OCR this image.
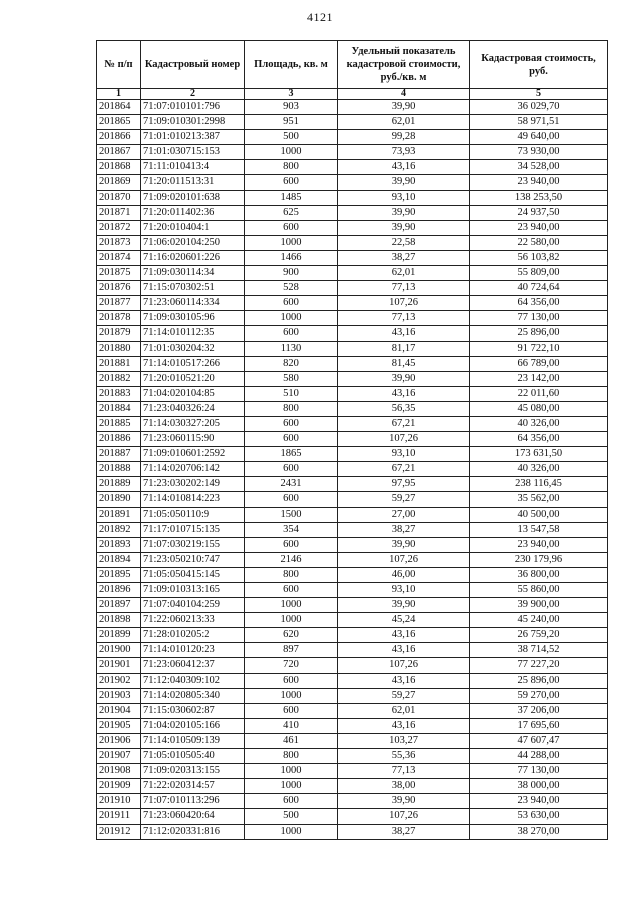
4121
№ п/п	Кадастровый номер	Площадь, кв. м	Удельный показатель кадастровой стоимости, руб./кв. м	Кадастровая стоимость, руб.
1	2	3	4	5
201864	71:07:010101:796	903	39,90	36 029,70
201865	71:09:010301:2998	951	62,01	58 971,51
201866	71:01:010213:387	500	99,28	49 640,00
201867	71:01:030715:153	1000	73,93	73 930,00
201868	71:11:010413:4	800	43,16	34 528,00
201869	71:20:011513:31	600	39,90	23 940,00
201870	71:09:020101:638	1485	93,10	138 253,50
201871	71:20:011402:36	625	39,90	24 937,50
201872	71:20:010404:1	600	39,90	23 940,00
201873	71:06:020104:250	1000	22,58	22 580,00
201874	71:16:020601:226	1466	38,27	56 103,82
201875	71:09:030114:34	900	62,01	55 809,00
201876	71:15:070302:51	528	77,13	40 724,64
201877	71:23:060114:334	600	107,26	64 356,00
201878	71:09:030105:96	1000	77,13	77 130,00
201879	71:14:010112:35	600	43,16	25 896,00
201880	71:01:030204:32	1130	81,17	91 722,10
201881	71:14:010517:266	820	81,45	66 789,00
201882	71:20:010521:20	580	39,90	23 142,00
201883	71:04:020104:85	510	43,16	22 011,60
201884	71:23:040326:24	800	56,35	45 080,00
201885	71:14:030327:205	600	67,21	40 326,00
201886	71:23:060115:90	600	107,26	64 356,00
201887	71:09:010601:2592	1865	93,10	173 631,50
201888	71:14:020706:142	600	67,21	40 326,00
201889	71:23:030202:149	2431	97,95	238 116,45
201890	71:14:010814:223	600	59,27	35 562,00
201891	71:05:050110:9	1500	27,00	40 500,00
201892	71:17:010715:135	354	38,27	13 547,58
201893	71:07:030219:155	600	39,90	23 940,00
201894	71:23:050210:747	2146	107,26	230 179,96
201895	71:05:050415:145	800	46,00	36 800,00
201896	71:09:010313:165	600	93,10	55 860,00
201897	71:07:040104:259	1000	39,90	39 900,00
201898	71:22:060213:33	1000	45,24	45 240,00
201899	71:28:010205:2	620	43,16	26 759,20
201900	71:14:010120:23	897	43,16	38 714,52
201901	71:23:060412:37	720	107,26	77 227,20
201902	71:12:040309:102	600	43,16	25 896,00
201903	71:14:020805:340	1000	59,27	59 270,00
201904	71:15:030602:87	600	62,01	37 206,00
201905	71:04:020105:166	410	43,16	17 695,60
201906	71:14:010509:139	461	103,27	47 607,47
201907	71:05:010505:40	800	55,36	44 288,00
201908	71:09:020313:155	1000	77,13	77 130,00
201909	71:22:020314:57	1000	38,00	38 000,00
201910	71:07:010113:296	600	39,90	23 940,00
201911	71:23:060420:64	500	107,26	53 630,00
201912	71:12:020331:816	1000	38,27	38 270,00
